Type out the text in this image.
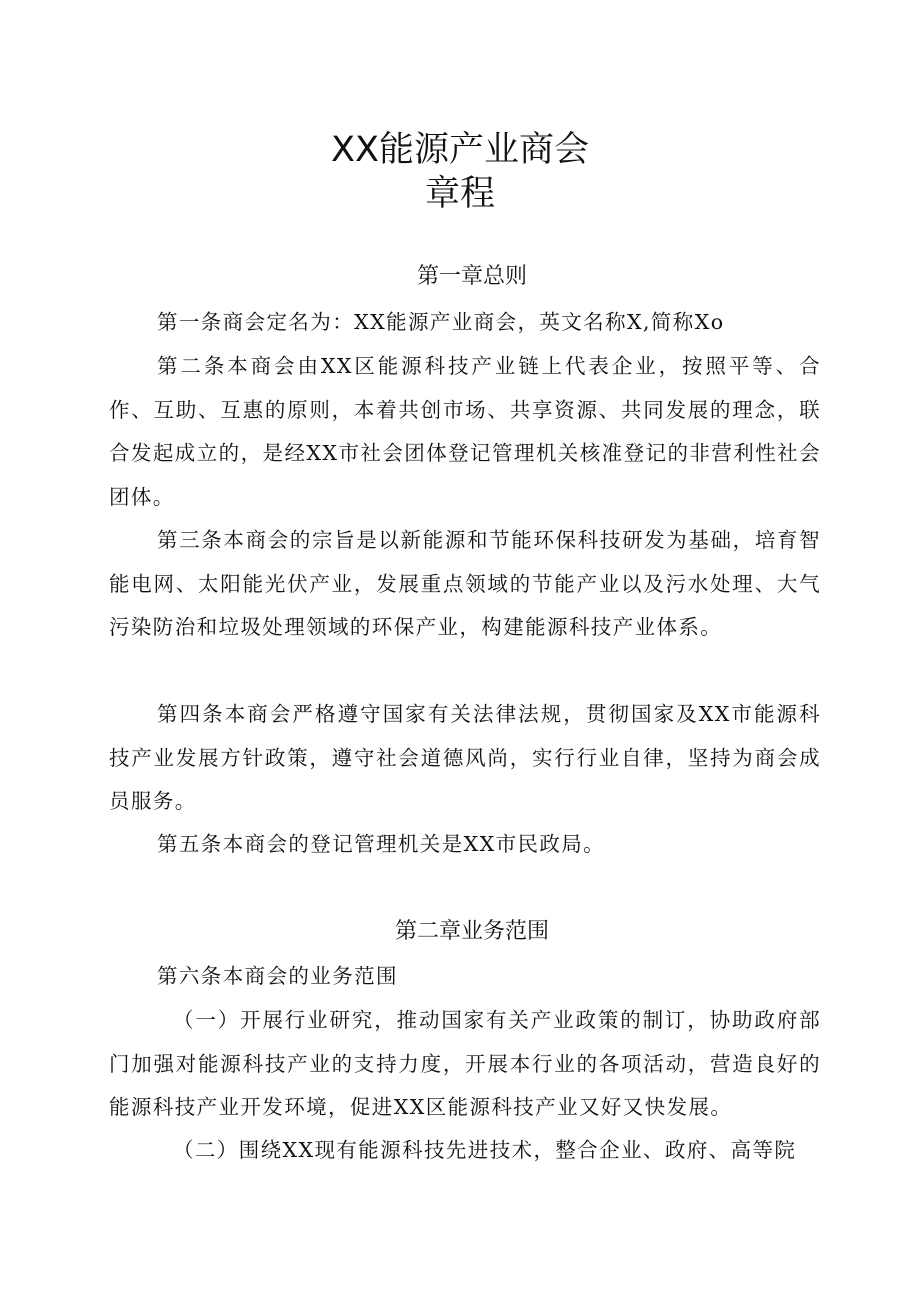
XX能源产业商会
章程
第一章总则

第一条商会定名为：XX能源产业商会，英文名称X,简称Xo

第二条本商会由XX区能源科技产业链上代表企业，按照平等、合作、互助、互惠的原则，本着共创市场、共享资源、共同发展的理念，联合发起成立的，是经XX市社会团体登记管理机关核准登记的非营利性社会团体。

第三条本商会的宗旨是以新能源和节能环保科技研发为基础，培育智能电网、太阳能光伏产业，发展重点领域的节能产业以及污水处理、大气污染防治和垃圾处理领域的环保产业，构建能源科技产业体系。

第四条本商会严格遵守国家有关法律法规，贯彻国家及XX市能源科技产业发展方针政策，遵守社会道德风尚，实行行业自律，坚持为商会成员服务。

第五条本商会的登记管理机关是XX市民政局。

第二章业务范围

第六条本商会的业务范围

（一）开展行业研究，推动国家有关产业政策的制订，协助政府部门加强对能源科技产业的支持力度，开展本行业的各项活动，营造良好的能源科技产业开发环境，促进XX区能源科技产业又好又快发展。

（二）围绕XX现有能源科技先进技术，整合企业、政府、高等院
